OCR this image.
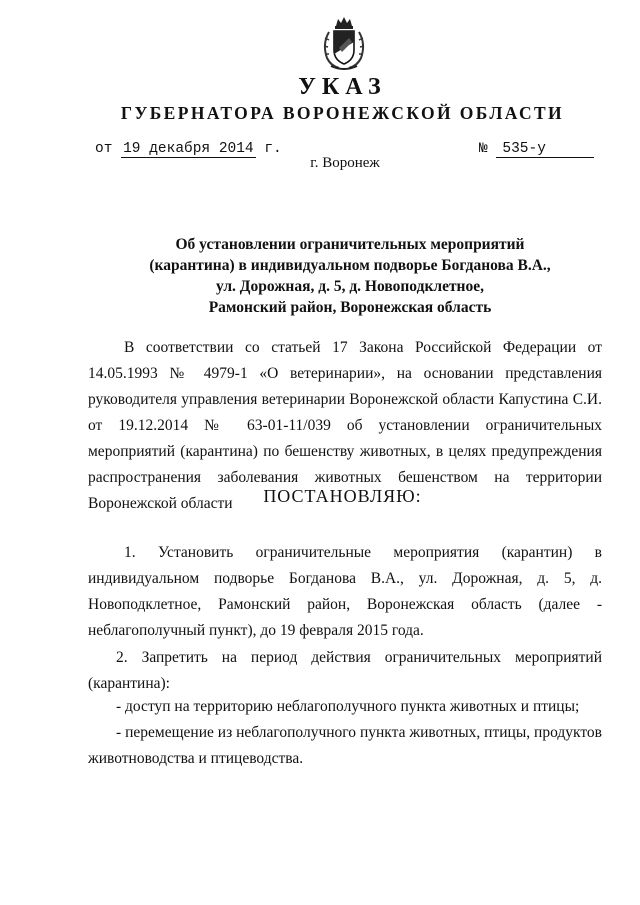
УКАЗ
ГУБЕРНАТОРА ВОРОНЕЖСКОЙ ОБЛАСТИ
от 19 декабря 2014 г.	№ 535-у
г. Воронеж
Об установлении ограничительных мероприятий
(карантина) в индивидуальном подворье Богданова В.А.,
ул. Дорожная, д. 5, д. Новоподклетное,
Рамонский район, Воронежская область
В соответствии со статьей 17 Закона Российской Федерации от 14.05.1993 № 4979-1 «О ветеринарии», на основании представления руководителя управления ветеринарии Воронежской области Капустина С.И. от 19.12.2014 № 63-01-11/039 об установлении ограничительных мероприятий (карантина) по бешенству животных, в целях предупреждения распространения заболевания животных бешенством на территории Воронежской области	ПОСТАНОВЛЯЮ:
1. Установить ограничительные мероприятия (карантин) в индивидуальном подворье Богданова В.А., ул. Дорожная, д. 5, д. Новоподклетное, Рамонский район, Воронежская область (далее - неблагополучный пункт), до 19 февраля 2015 года.
2. Запретить на период действия ограничительных мероприятий (карантина):
- доступ на территорию неблагополучного пункта животных и птицы;
- перемещение из неблагополучного пункта животных, птицы, продуктов животноводства и птицеводства.
